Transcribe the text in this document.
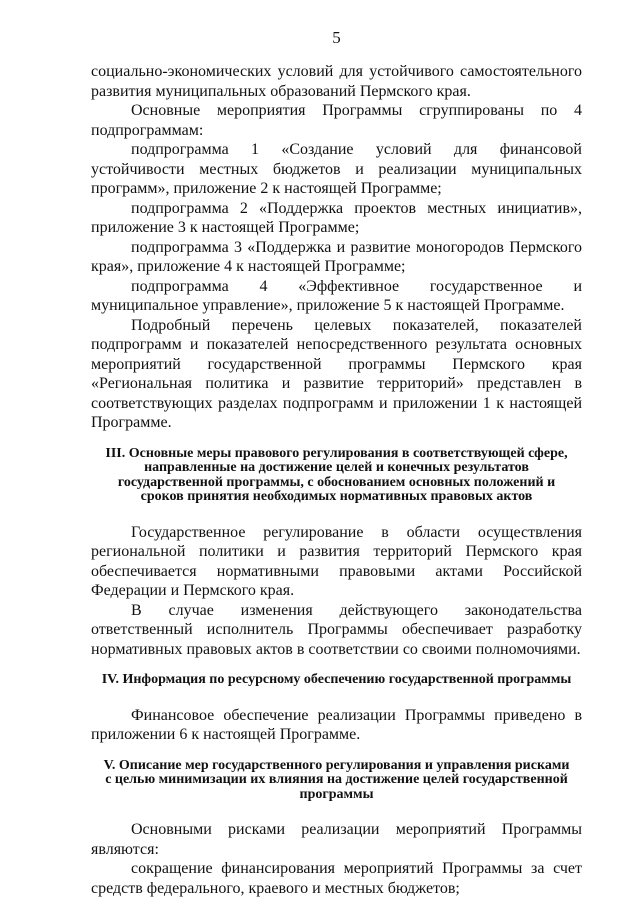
5

социально-экономических условий для устойчивого самостоятельного развития муниципальных образований Пермского края.

Основные мероприятия Программы сгруппированы по 4 подпрограммам:

подпрограмма 1 «Создание условий для финансовой устойчивости местных бюджетов и реализации муниципальных программ», приложение 2 к настоящей Программе;

подпрограмма 2 «Поддержка проектов местных инициатив», приложение 3 к настоящей Программе;

подпрограмма 3 «Поддержка и развитие моногородов Пермского края», приложение 4 к настоящей Программе;

подпрограмма 4 «Эффективное государственное и муниципальное управление», приложение 5 к настоящей Программе.

Подробный перечень целевых показателей, показателей подпрограмм и показателей непосредственного результата основных мероприятий государственной программы Пермского края «Региональная политика и развитие территорий» представлен в соответствующих разделах подпрограмм и приложении 1 к настоящей Программе.

III. Основные меры правового регулирования в соответствующей сфере, направленные на достижение целей и конечных результатов государственной программы, с обоснованием основных положений и сроков принятия необходимых нормативных правовых актов

Государственное регулирование в области осуществления региональной политики и развития территорий Пермского края обеспечивается нормативными правовыми актами Российской Федерации и Пермского края.

В случае изменения действующего законодательства ответственный исполнитель Программы обеспечивает разработку нормативных правовых актов в соответствии со своими полномочиями.

IV. Информация по ресурсному обеспечению государственной программы

Финансовое обеспечение реализации Программы приведено в приложении 6 к настоящей Программе.

V. Описание мер государственного регулирования и управления рисками с целью минимизации их влияния на достижение целей государственной программы

Основными рисками реализации мероприятий Программы являются:

сокращение финансирования мероприятий Программы за счет средств федерального, краевого и местных бюджетов;
